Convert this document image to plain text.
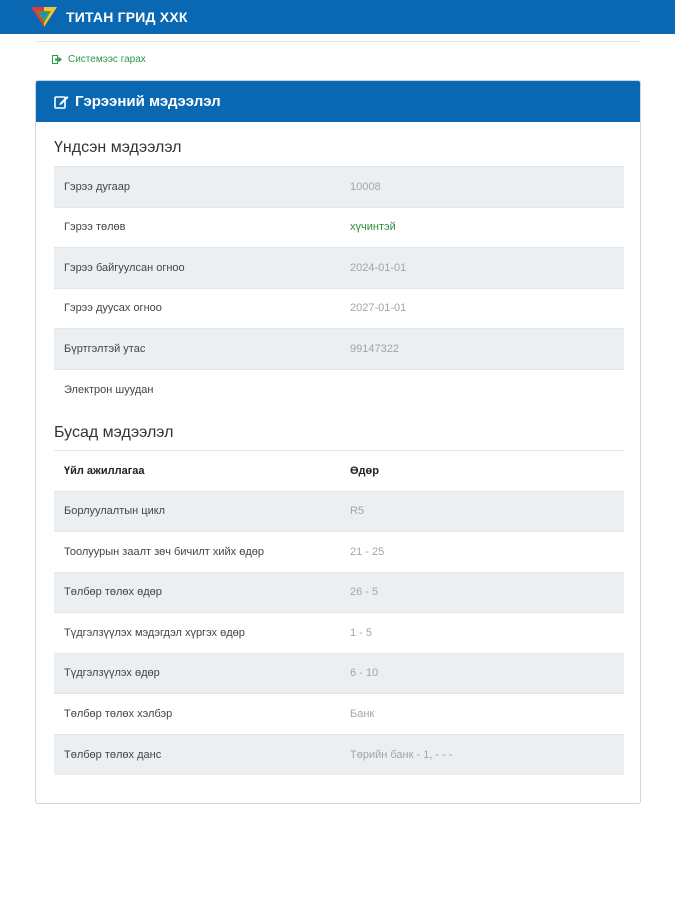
ТИТАН ГРИД ХХК
Системээс гарах
Гэрээний мэдээлэл
Үндсэн мэдээлэл
Гэрээ дугаар	10008
Гэрээ төлөв	хүчинтэй
Гэрээ байгуулсан огноо	2024-01-01
Гэрээ дуусах огноо	2027-01-01
Бүртгэлтэй утас	99147322
Электрон шуудан	
Бусад мэдээлэл
Үйл ажиллагаа	Өдөр
Борлуулалтын цикл	R5
Тоолуурын заалт зөч бичилт хийх өдөр	21 - 25
Төлбөр төлөх өдөр	26 - 5
Түдгэлзүүлэх мэдэгдэл хүргэх өдөр	1 - 5
Түдгэлзүүлэх өдөр	6 - 10
Төлбөр төлөх хэлбэр	Банк
Төлбөр төлөх данс	Төрийн банк - 1, - - -
